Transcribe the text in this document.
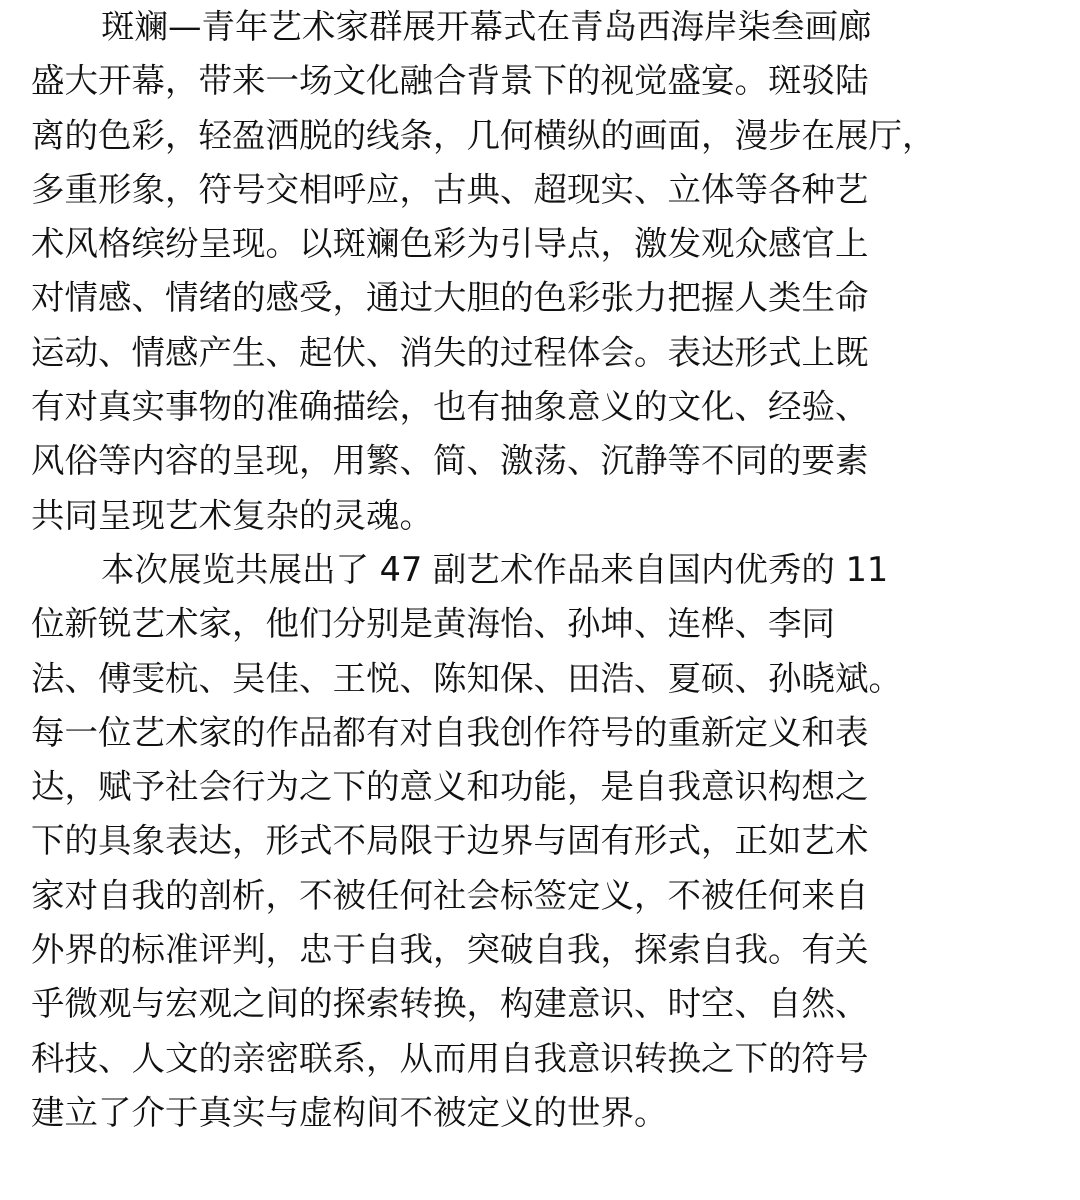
斑斓—青年艺术家群展开幕式在青岛西海岸柒叁画廊
盛大开幕，带来一场文化融合背景下的视觉盛宴。斑驳陆
离的色彩，轻盈洒脱的线条，几何横纵的画面，漫步在展厅，
多重形象，符号交相呼应，古典、超现实、立体等各种艺
术风格缤纷呈现。以斑斓色彩为引导点，激发观众感官上
对情感、情绪的感受，通过大胆的色彩张力把握人类生命
运动、情感产生、起伏、消失的过程体会。表达形式上既
有对真实事物的准确描绘，也有抽象意义的文化、经验、
风俗等内容的呈现，用繁、简、激荡、沉静等不同的要素
共同呈现艺术复杂的灵魂。
本次展览共展出了 47 副艺术作品来自国内优秀的 11
位新锐艺术家，他们分别是黄海怡、孙坤、连桦、李同
法、傅雯杭、吴佳、王悦、陈知保、田浩、夏硕、孙晓斌。
每一位艺术家的作品都有对自我创作符号的重新定义和表
达，赋予社会行为之下的意义和功能，是自我意识构想之
下的具象表达，形式不局限于边界与固有形式，正如艺术
家对自我的剖析，不被任何社会标签定义，不被任何来自
外界的标准评判，忠于自我，突破自我，探索自我。有关
乎微观与宏观之间的探索转换，构建意识、时空、自然、
科技、人文的亲密联系，从而用自我意识转换之下的符号
建立了介于真实与虚构间不被定义的世界。
